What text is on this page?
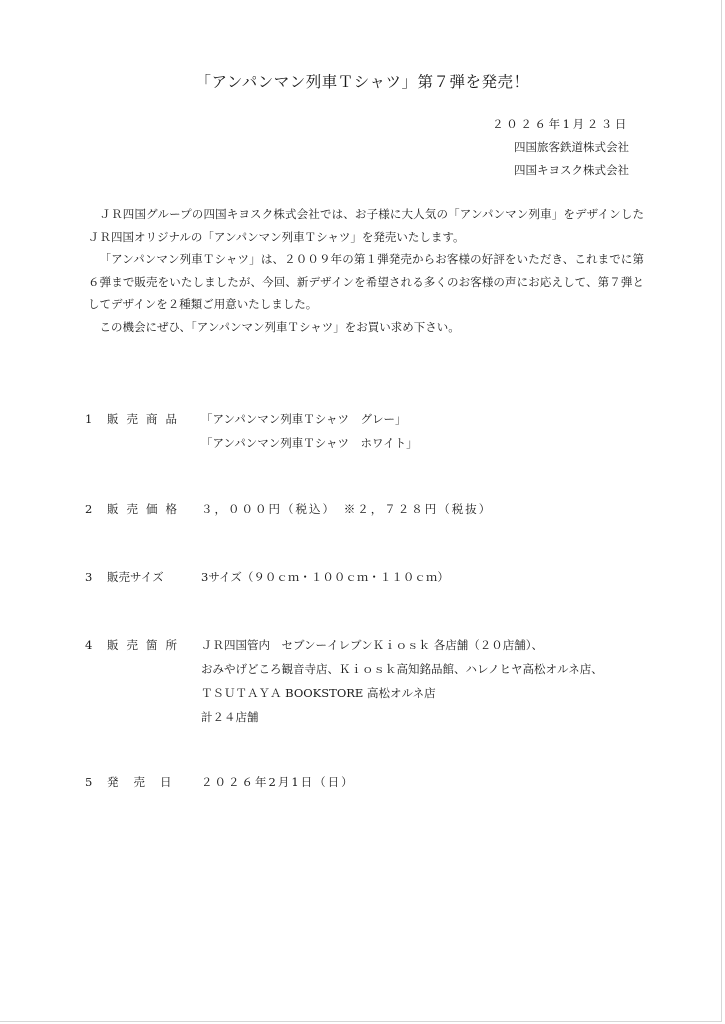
「アンパンマン列車Ｔシャツ」第７弾を発売！
２０２６年1月２３日
四国旅客鉄道株式会社
四国キヨスク株式会社

ＪＲ四国グループの四国キヨスク株式会社では、お子様に大人気の「アンパンマン列車」をデザインしたＪＲ四国オリジナルの「アンパンマン列車Ｔシャツ」を発売いたします。

「アンパンマン列車Ｔシャツ」は、２００９年の第１弾発売からお客様の好評をいただき、これまでに第６弾まで販売をいたしましたが、今回、新デザインを希望される多くのお客様の声にお応えして、第７弾としてデザインを２種類ご用意いたしました。

この機会にぜひ、「アンパンマン列車Ｔシャツ」をお買い求め下さい。

1	販売商品 「アンパンマン列車Ｔシャツ　グレー」
「アンパンマン列車Ｔシャツ　ホワイト」
2	販売価格 ３，０００円（税込）　※２，７２８円（税抜）
3	販売サイズ	3サイズ（９０ｃｍ・１００ｃｍ・１１０ｃｍ）
4	販売箇所 ＪＲ四国管内　セブンーイレブンＫｉｏｓｋ 各店舗（２０店舗）、
おみやげどころ観音寺店、Ｋｉｏｓｋ高知銘品館、ハレノヒヤ高松オルネ店、
ＴＳＵＴＡＹＡ BOOKSTORE 高松オルネ店
計２４店舗
5	発売日 ２０２６年2月1日（日）
